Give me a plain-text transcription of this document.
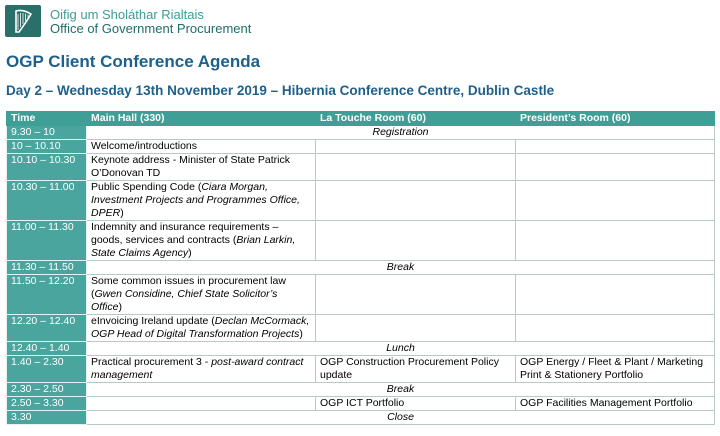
Oifig um Sholáthar Rialtais
Office of Government Procurement
OGP Client Conference Agenda
Day 2 – Wednesday 13th November 2019 – Hibernia Conference Centre, Dublin Castle
Time	Main Hall (330)	La Touche Room (60)	President’s Room (60)
9.30 – 10	Registration		
10 – 10.10	Welcome/introductions		
10.10 – 10.30	Keynote address - Minister of State Patrick O’Donovan TD		
10.30 – 11.00	Public Spending Code (Ciara Morgan, Investment Projects and Programmes Office, DPER)		
11.00 – 11.30	Indemnity and insurance requirements – goods, services and contracts (Brian Larkin, State Claims Agency)		
11.30 – 11.50	Break		
11.50 – 12.20	Some common issues in procurement law (Gwen Considine, Chief State Solicitor’s Office)		
12.20 – 12.40	eInvoicing Ireland update (Declan McCormack, OGP Head of Digital Transformation Projects)		
12.40 – 1.40	Lunch		
1.40 – 2.30	Practical procurement 3 - post-award contract management	OGP Construction Procurement Policy update	OGP Energy / Fleet & Plant / Marketing Print & Stationery Portfolio
2.30 – 2.50	Break		
2.50 – 3.30		OGP ICT Portfolio	OGP Facilities Management Portfolio
3.30	Close		
